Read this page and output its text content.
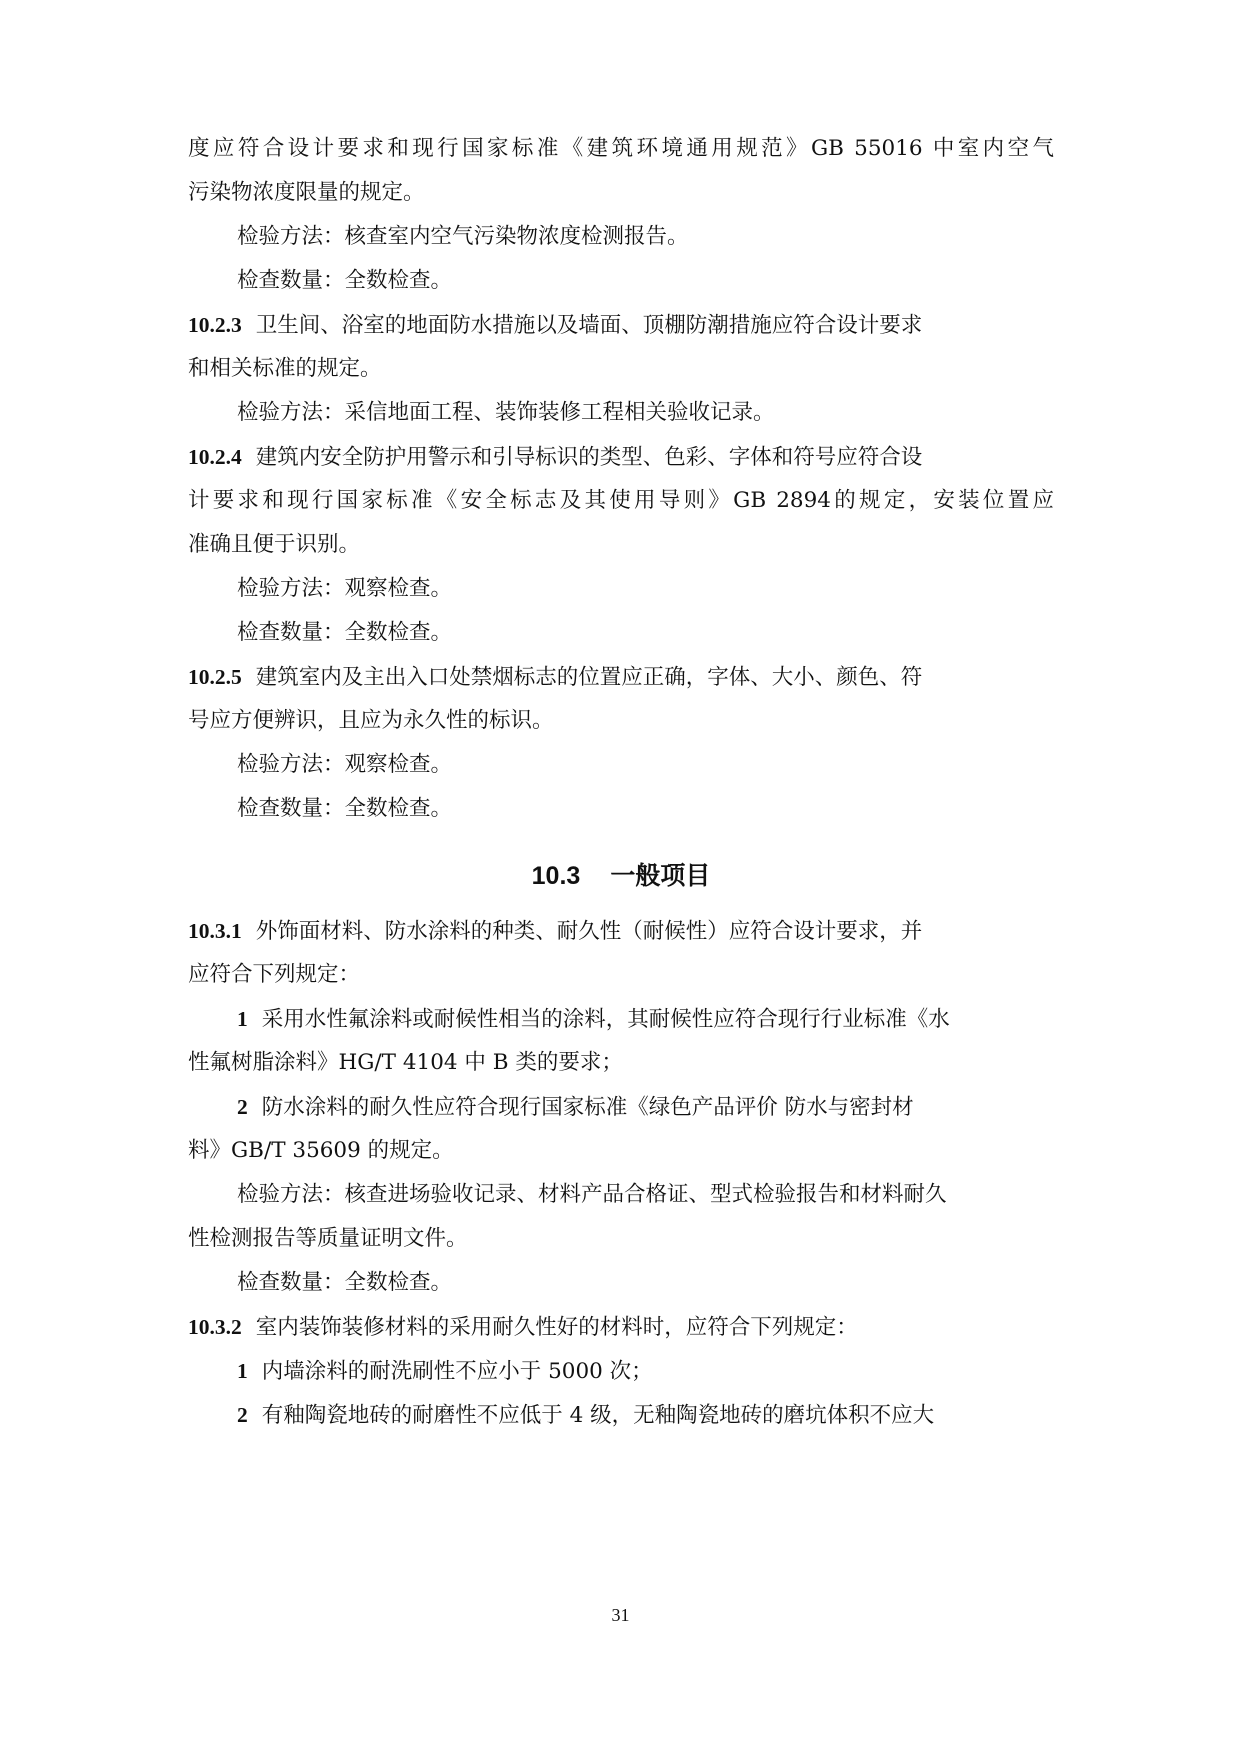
度应符合设计要求和现行国家标准《建筑环境通用规范》GB 55016 中室内空气
污染物浓度限量的规定。
检验方法：核查室内空气污染物浓度检测报告。
检查数量：全数检查。
10.2.3 卫生间、浴室的地面防水措施以及墙面、顶棚防潮措施应符合设计要求
和相关标准的规定。
检验方法：采信地面工程、装饰装修工程相关验收记录。
10.2.4 建筑内安全防护用警示和引导标识的类型、色彩、字体和符号应符合设
计要求和现行国家标准《安全标志及其使用导则》GB 2894的规定，安装位置应
准确且便于识别。
检验方法：观察检查。
检查数量：全数检查。
10.2.5 建筑室内及主出入口处禁烟标志的位置应正确，字体、大小、颜色、符
号应方便辨识，且应为永久性的标识。
检验方法：观察检查。
检查数量：全数检查。
10.3 一般项目
10.3.1 外饰面材料、防水涂料的种类、耐久性（耐候性）应符合设计要求，并
应符合下列规定：
1 采用水性氟涂料或耐候性相当的涂料，其耐候性应符合现行行业标准《水
性氟树脂涂料》HG/T 4104 中 B 类的要求；
2 防水涂料的耐久性应符合现行国家标准《绿色产品评价 防水与密封材
料》GB/T 35609 的规定。
检验方法：核查进场验收记录、材料产品合格证、型式检验报告和材料耐久
性检测报告等质量证明文件。
检查数量：全数检查。
10.3.2 室内装饰装修材料的采用耐久性好的材料时，应符合下列规定：
1 内墙涂料的耐洗刷性不应小于 5000 次；
2 有釉陶瓷地砖的耐磨性不应低于 4 级，无釉陶瓷地砖的磨坑体积不应大
31
